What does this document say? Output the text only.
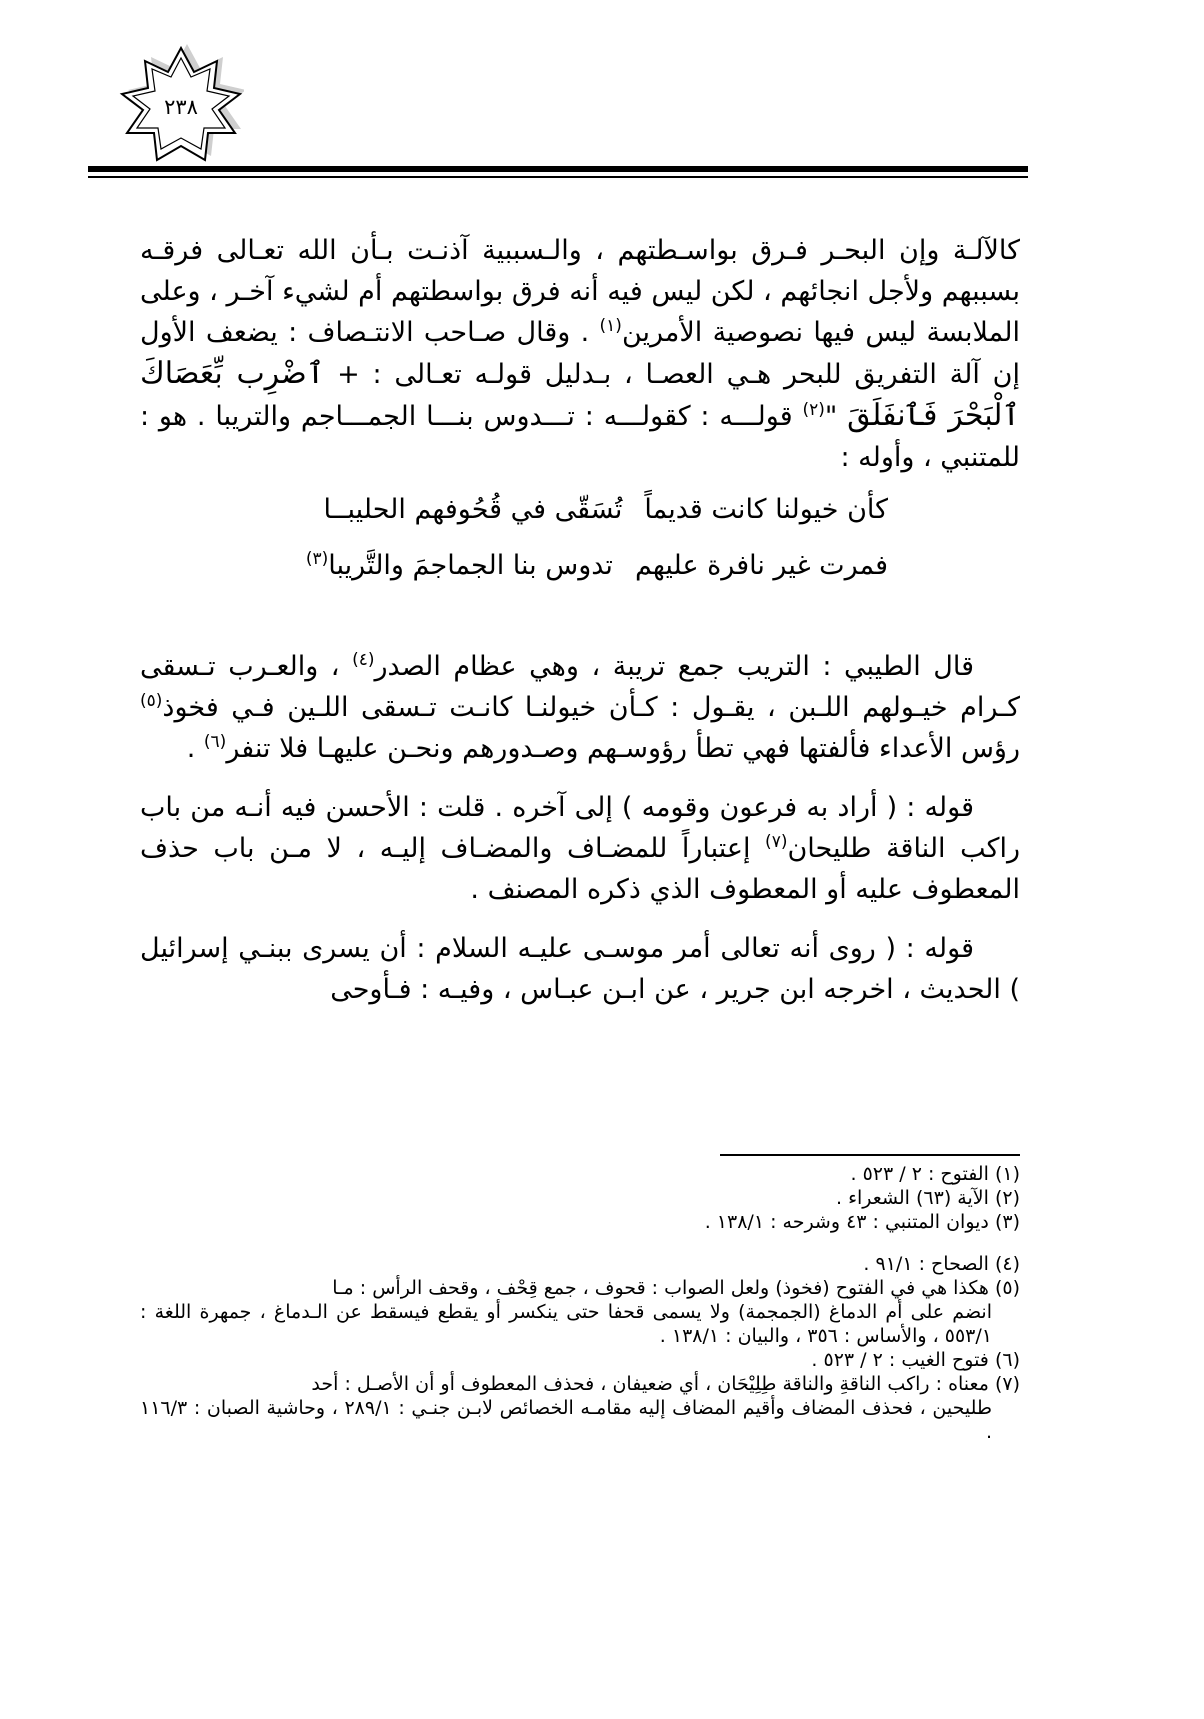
٢٣٨

كالآلـة وإن البحـر فـرق بواسـطتهم ، والـسببية آذنـت بـأن الله تعـالى فرقـه بسببهم ولأجل انجائهم ، لكن ليس فيه أنه فرق بواسطتهم أم لشيء آخـر ، وعلى الملابسة ليس فيها نصوصية الأمرين$^{(١)}$ . وقال صـاحب الانتـصاف : يضعف الأول إن آلة التفريق للبحر هـي العصـا ، بـدليل قولـه تعـالى : + ٱضْرِب بِّعَصَاكَ ٱلْبَحْرَ فَٱنفَلَقَ "$^{(٢)}$ قولـــه : كقولـــه : تـــدوس بنـــا الجمـــاجم والتريبا . هو : للمتنبي ، وأوله :

كأن خيولنا كانت قديماًتُسَقّى في قُحُوفهم الحليبــا

فمرت غير نافرة عليهمتدوس بنا الجماجمَ والتَّريبا$^{(٣)}$

قال الطيبي : التريب جمع تريبة ، وهي عظام الصدر$^{(٤)}$ ، والعـرب تـسقى كـرام خيـولهم اللـبن ، يقـول : كـأن خيولنـا كانـت تـسقى اللـين فـي فخوذ$^{(٥)}$ رؤس الأعداء فألفتها فهي تطأ رؤوسـهم وصـدورهم ونحـن عليهـا فلا تنفر$^{(٦)}$ .

قوله : ( أراد به فرعون وقومه ) إلى آخره . قلت : الأحسن فيه أنـه من باب راكب الناقة طليحان$^{(٧)}$ إعتباراً للمضـاف والمضـاف إليـه ، لا مـن باب حذف المعطوف عليه أو المعطوف الذي ذكره المصنف .

قوله : ( روى أنه تعالى أمر موسـى عليـه السلام : أن يسرى ببنـي إسرائيل ) الحديث ، اخرجه ابن جرير ، عن ابـن عبـاس ، وفيـه : فـأوحى

(١) الفتوح : ٢ / ٥٢٣ .

(٢) الآية (٦٣) الشعراء .

(٣) ديوان المتنبي : ٤٣ وشرحه : ١٣٨/١ .

(٤) الصحاح : ٩١/١ .

(٥) هكذا هي في الفتوح (فخوذ) ولعل الصواب : قحوف ، جمع قِحْف ، وقحف الرأس : مـا
انضم على أم الدماغ (الجمجمة) ولا يسمى قحفا حتى ينكسر أو يقطع فيسقط عن الـدماغ ، جمهرة اللغة : ٥٥٣/١ ، والأساس : ٣٥٦ ، والبيان : ١٣٨/١ .

(٦) فتوح الغيب : ٢ / ٥٢٣ .

(٧) معناه : راكب الناقةِ والناقة طِلِيْحَان ، أي ضعيفان ، فحذف المعطوف أو أن الأصـل : أحد
طليحين ، فحذف المضاف وأقيم المضاف إليه مقامـه الخصائص لابـن جنـي : ٢٨٩/١ ، وحاشية الصبان : ١١٦/٣ .
